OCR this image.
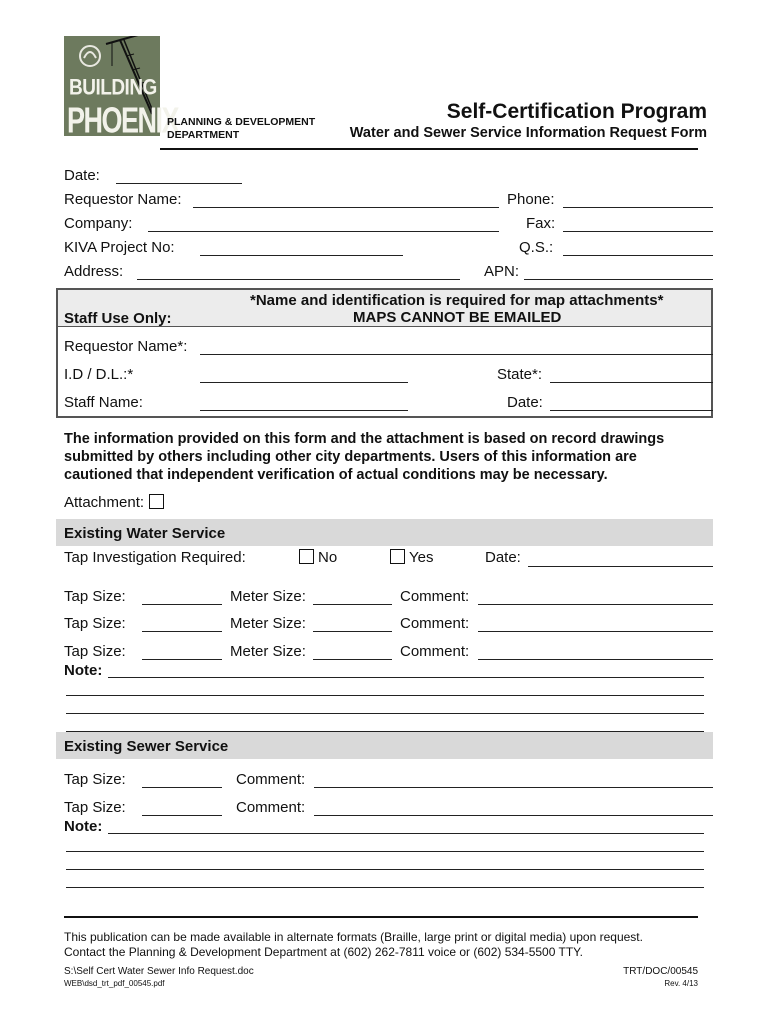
BUILDING
PHOENIX
PLANNING & DEVELOPMENT
DEPARTMENT
Self-Certification Program
Water and Sewer Service Information Request Form
Date:
Requestor Name:	Phone:
Company:	Fax:
KIVA Project No:	Q.S.:
Address:	APN:
Staff Use Only:
*Name and identification is required for map attachments*
MAPS CANNOT BE EMAILED
Requestor Name*:
I.D / D.L.:*	State*:
Staff Name:	Date:
The information provided on this form and the attachment is based on record drawings
submitted by others including other city departments. Users of this information are
cautioned that independent verification of actual conditions may be necessary.
Attachment:
Existing Water Service
Tap Investigation Required:	No	Yes	Date:
Tap Size:	Meter Size:	Comment:
Tap Size:	Meter Size:	Comment:
Tap Size:	Meter Size:	Comment:
Note:
Existing Sewer Service
Tap Size:	Comment:
Tap Size:	Comment:
Note:
This publication can be made available in alternate formats (Braille, large print or digital media) upon request.
Contact the Planning & Development Department at (602) 262-7811 voice or (602) 534-5500 TTY.
S:\Self Cert Water Sewer Info Request.doc	TRT/DOC/00545
WEB\dsd_trt_pdf_00545.pdf	Rev. 4/13
